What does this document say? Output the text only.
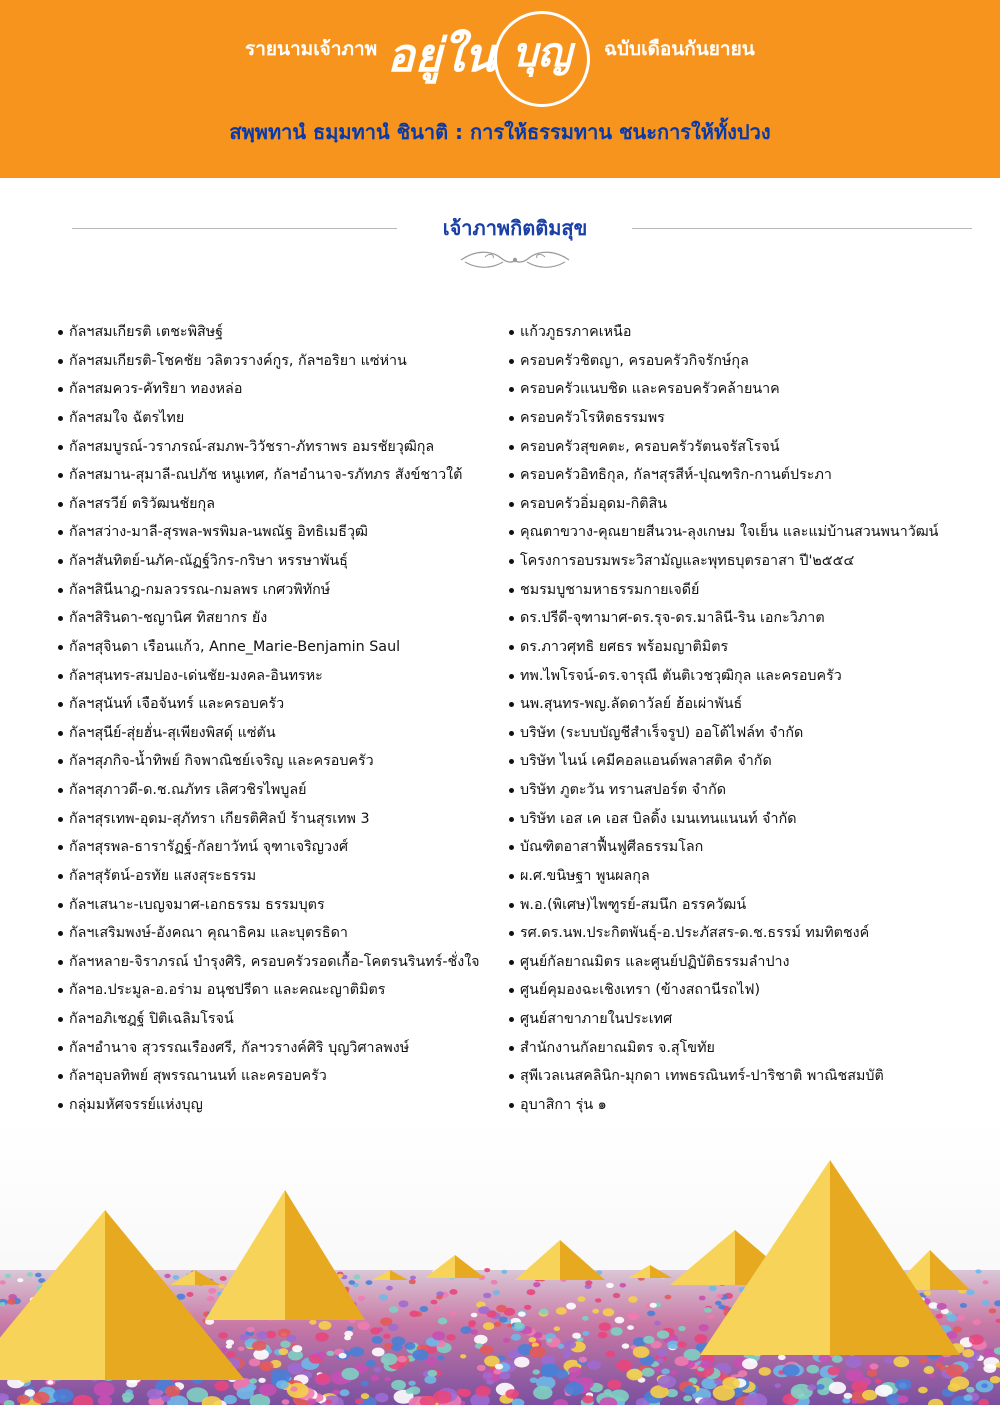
รายนามเจ้าภาพ อยู่ใน บุญ	ฉบับเดือนกันยายน
สพฺพทานํ ธมฺมทานํ ชินาติ : การให้ธรรมทาน ชนะการให้ทั้งปวง
เจ้าภาพกิตติมสุข
กัลฯสมเกียรติ เตชะพิสิษฐ์
กัลฯสมเกียรติ-โชคชัย วลิตวรางค์กูร, กัลฯอริยา แซ่ห่าน
กัลฯสมควร-คัทริยา ทองหล่อ
กัลฯสมใจ ฉัตรไทย
กัลฯสมบูรณ์-วราภรณ์-สมภพ-วิวัชรา-ภัทราพร อมรชัยวุฒิกุล
กัลฯสมาน-สุมาลี-ณปภัช หนูเทศ, กัลฯอำนาจ-รภัทภร สังข์ชาวใต้
กัลฯสรวีย์ ตริวัฒนชัยกุล
กัลฯสว่าง-มาลี-สุรพล-พรพิมล-นพณัฐ อิทธิเมธีวุฒิ
กัลฯสันทิตย์-นภัค-ณัฏฐ์วิกร-กริษา หรรษาพันธุ์
กัลฯสินีนาฎ-กมลวรรณ-กมลพร เกศวพิทักษ์
กัลฯสิรินดา-ชญานิศ ทิสยากร ยัง
กัลฯสุจินดา เรือนแก้ว, Anne_Marie-Benjamin Saul
กัลฯสุนทร-สมปอง-เด่นชัย-มงคล-อินทรหะ
กัลฯสุนันท์ เจือจันทร์ และครอบครัว
กัลฯสุนีย์-สุ่ยฮั่น-สุเพียงพิสดุ์ แซ่ตัน
กัลฯสุภกิจ-น้ำทิพย์ กิจพาณิชย์เจริญ และครอบครัว
กัลฯสุภาวดี-ด.ช.ณภัทร เลิศวชิรไพบูลย์
กัลฯสุรเทพ-อุดม-สุภัทรา เกียรติศิลป์ ร้านสุรเทพ 3
กัลฯสุรพล-ธารารัฏฐ์-กัลยาวัทน์ จุฑาเจริญวงศ์
กัลฯสุรัตน์-อรทัย แสงสุระธรรม
กัลฯเสนาะ-เบญจมาศ-เอกธรรม ธรรมบุตร
กัลฯเสริมพงษ์-อังคณา คุณาธิคม และบุตรธิดา
กัลฯหลาย-จิราภรณ์ บำรุงศิริ, ครอบครัวรอดเกื้อ-โคตรนรินทร์-ชั่งใจ
กัลฯอ.ประมูล-อ.อร่าม อนุชปรีดา และคณะญาติมิตร
กัลฯอภิเชฎฐ์ ปิติเฉลิมโรจน์
กัลฯอำนาจ สุวรรณเรืองศรี, กัลฯวรางค์ศิริ บุญวิศาลพงษ์
กัลฯอุบลทิพย์ สุพรรณานนท์ และครอบครัว
กลุ่มมหัศจรรย์แห่งบุญ
แก้วภูธรภาคเหนือ
ครอบครัวชิตญา, ครอบครัวกิจรักษ์กุล
ครอบครัวแนบชิด และครอบครัวคล้ายนาค
ครอบครัวโรหิตธรรมพร
ครอบครัวสุขคตะ, ครอบครัวรัตนจรัสโรจน์
ครอบครัวอิทธิกุล, กัลฯสุรสีห์-ปุณฑริก-กานต์ประภา
ครอบครัวอิ่มอุดม-กิติสิน
คุณตาขวาง-คุณยายสีนวน-ลุงเกษม ใจเย็น และแม่บ้านสวนพนาวัฒน์
โครงการอบรมพระวิสามัญและพุทธบุตรอาสา ปี'๒๕๕๔
ชมรมบูชามหาธรรมกายเจดีย์
ดร.ปรีดี-จุฑามาศ-ดร.รุจ-ดร.มาลินี-ริน เอกะวิภาต
ดร.ภาวศุทธิ ยศธร พร้อมญาติมิตร
ทพ.ไพโรจน์-ดร.จารุณี ตันติเวชวุฒิกุล และครอบครัว
นพ.สุนทร-พญ.ลัดดาวัลย์ ฮ้อเผ่าพันธ์
บริษัท (ระบบบัญชีสำเร็จรูป) ออโต้ไฟล์ท จำกัด
บริษัท ไนน์ เคมีคอลแอนด์พลาสติค จำกัด
บริษัท ภูตะวัน ทรานสปอร์ต จำกัด
บริษัท เอส เค เอส บิลดิ้ง เมนเทนแนนท์ จำกัด
บัณฑิตอาสาฟื้นฟูศีลธรรมโลก
ผ.ศ.ขนิษฐา พูนผลกุล
พ.อ.(พิเศษ)ไพฑูรย์-สมนึก อรรควัฒน์
รศ.ดร.นพ.ประกิตพันธุ์-อ.ประภัสสร-ด.ช.ธรรม์ ทมทิตชงค์
ศูนย์กัลยาณมิตร และศูนย์ปฏิบัติธรรมลำปาง
ศูนย์คุมองฉะเชิงเทรา (ข้างสถานีรถไฟ)
ศูนย์สาขาภายในประเทศ
สำนักงานกัลยาณมิตร จ.สุโขทัย
สุพีเวลเนสคลินิก-มุกดา เทพธรณินทร์-ปาริชาติ พาณิชสมบัติ
อุบาสิกา รุ่น ๑
